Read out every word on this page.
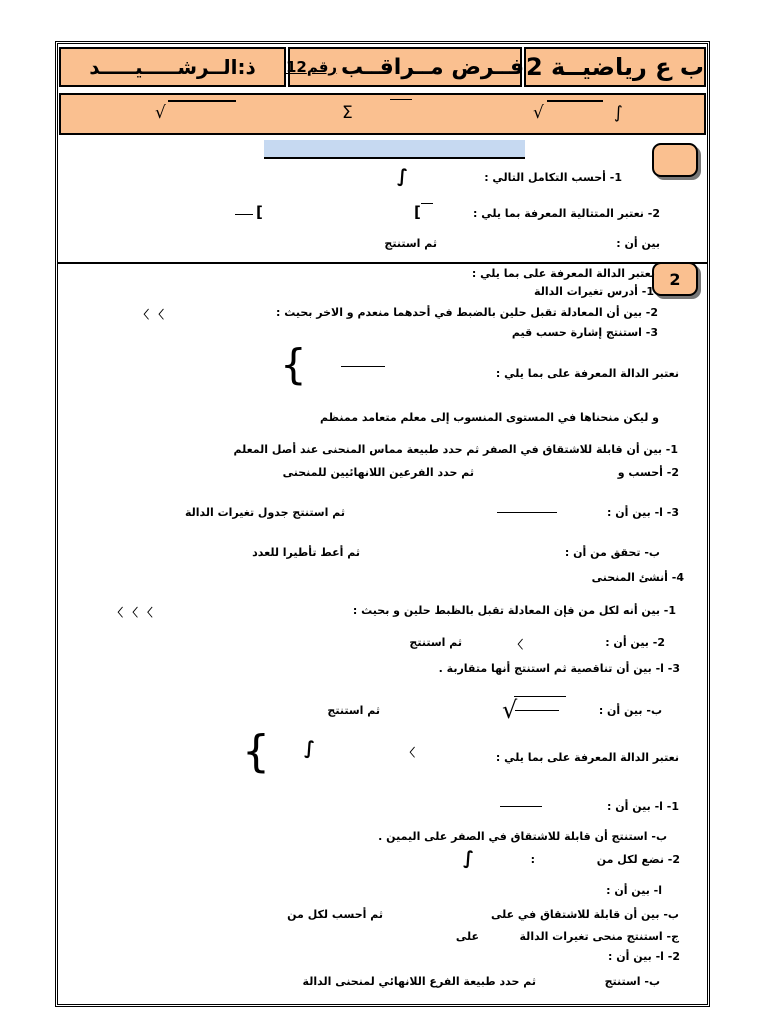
2 ب ع رياضيــة
فــرض مــراقــب
رقم12
ذ:الــرشـــــيـــــد
√	Σ	√	∫
1- أحسب التكامل التالي :
∫
2- نعتبر المتتالية المعرفة بما يلي :
[
[
بين أن :
ثم استنتج
2
نعتبر الدالة المعرفة على بما يلي :
1- أدرس تغيرات الدالة
2- بين أن المعادلة تقبل حلين بالضبط في أحدهما منعدم و الاخر بحيث :
〈 〈
3- استنتج إشارة حسب قيم
نعتبر الدالة المعرفة على بما يلي :
{
و ليكن منحناها في المستوى المنسوب إلى معلم متعامد ممنظم
1- بين أن قابلة للاشتقاق في الصفر ثم حدد طبيعة مماس المنحنى عند أصل المعلم
2- أحسب و
ثم حدد الفرعين اللانهائيين للمنحنى
3- ا- بين أن :
ثم استنتج جدول تغيرات الدالة
ب- تحقق من أن :
ثم أعط تأطيرا للعدد
4- أنشئ المنحنى
1- بين أنه لكل من فإن المعادلة تقبل بالظبط حلين و بحيث :
〈 〈 〈
2- بين أن :
〈
ثم استنتج
3- ا- بين أن تناقصية ثم استنتج أنها متقاربة .
ب- بين أن :
√
ثم استنتج
نعتبر الدالة المعرفة على بما يلي :
{ ∫	〈
1- ا- بين أن :
ب- استنتج أن قابلة للاشتقاق في الصفر على اليمين .
2- نضع لكل من
∫	:
ا- بين أن :
ب- بين أن قابلة للاشتقاق في على
ثم أحسب لكل من
ج- استنتج منحى تغيرات الدالة
على
2- ا- بين أن :
ب- استنتج
ثم حدد طبيعة الفرع اللانهائي لمنحنى الدالة
